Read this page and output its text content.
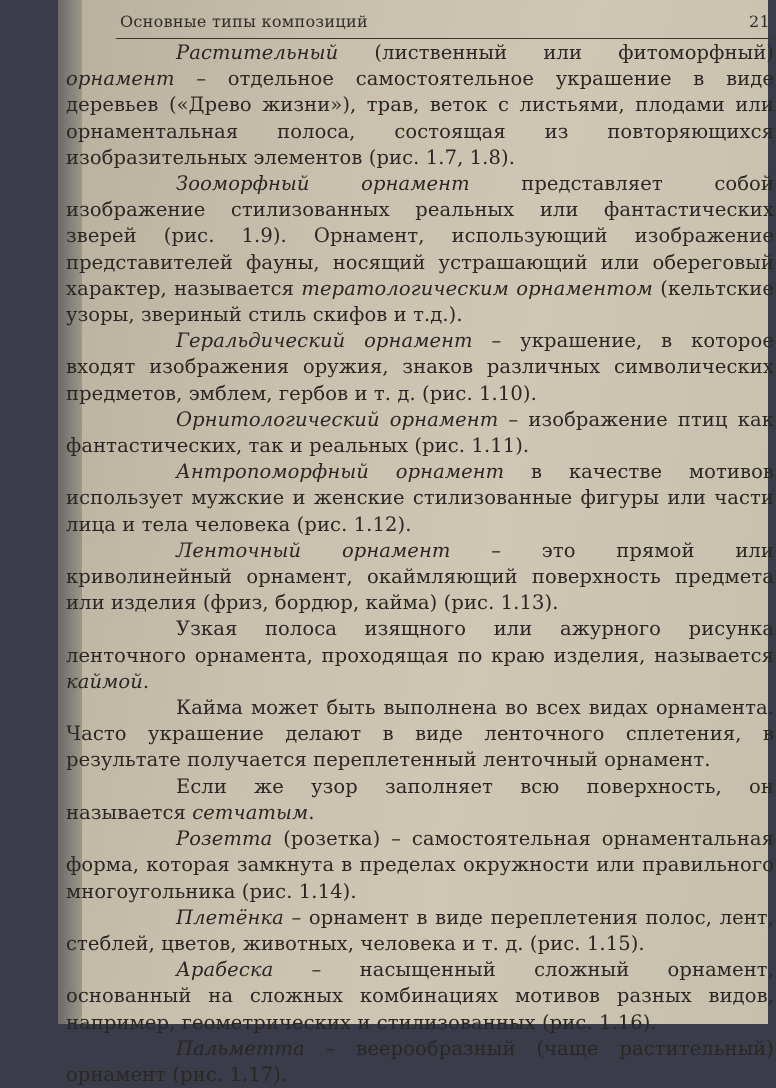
Основные типы композиций	21

Растительный (лиственный или фитоморфный) орнамент – отдельное самостоятельное украшение в виде деревьев («Древо жизни»), трав, веток с листьями, плодами или орнаментальная полоса, состоящая из повторяющихся изобразительных элементов (рис. 1.7, 1.8).

Зооморфный орнамент представляет собой изображение стилизованных реальных или фантастических зверей (рис. 1.9). Орнамент, использующий изображение представителей фауны, носящий устрашающий или обереговый характер, называется тератологическим орнаментом (кельтские узоры, звериный стиль скифов и т.д.).

Геральдический орнамент – украшение, в которое входят изображения оружия, знаков различных символических предметов, эмблем, гербов и т. д. (рис. 1.10).

Орнитологический орнамент – изображение птиц как фантастических, так и реальных (рис. 1.11).

Антропоморфный орнамент в качестве мотивов использует мужские и женские стилизованные фигуры или части лица и тела человека (рис. 1.12).

Ленточный орнамент – это прямой или криволинейный орнамент, окаймляющий поверхность предмета или изделия (фриз, бордюр, кайма) (рис. 1.13).

Узкая полоса изящного или ажурного рисунка ленточного орнамента, проходящая по краю изделия, называется каймой.

Кайма может быть выполнена во всех видах орнамента. Часто украшение делают в виде ленточного сплетения, в результате получается переплетенный ленточный орнамент.

Если же узор заполняет всю поверхность, он называется сетчатым.

Розетта (розетка) – самостоятельная орнаментальная форма, которая замкнута в пределах окружности или правильного многоугольника (рис. 1.14).

Плетёнка – орнамент в виде переплетения полос, лент, стеблей, цветов, животных, человека и т. д. (рис. 1.15).

Арабеска – насыщенный сложный орнамент, основанный на сложных комбинациях мотивов разных видов, например, геометрических и стилизованных (рис. 1.16).

Пальметта – веерообразный (чаще растительный) орнамент (рис. 1.17).
